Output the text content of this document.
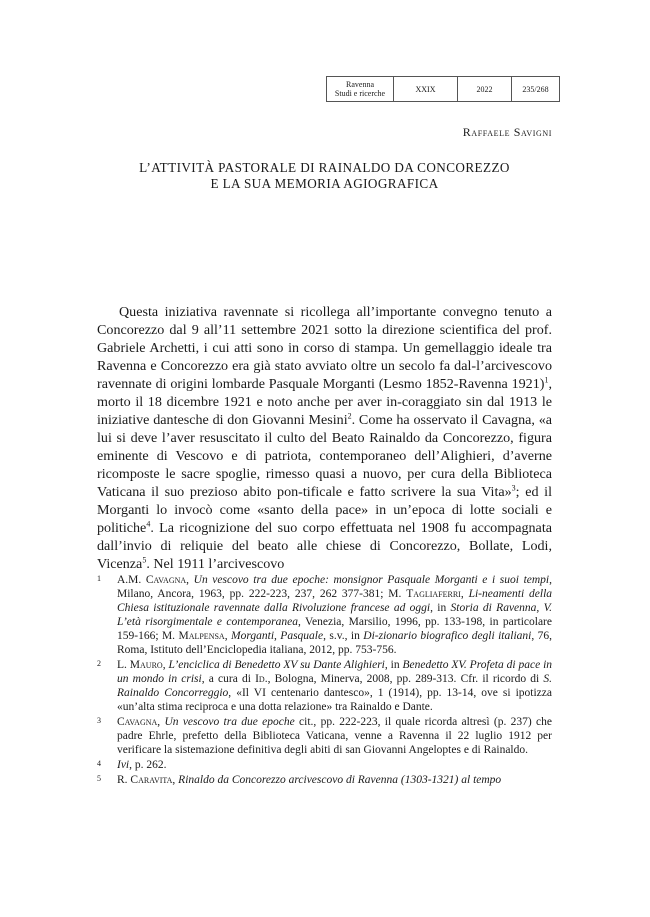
Ravenna
Studi e ricerche	XXIX	2022	235/268
Raffaele Savigni
L’ATTIVITÀ PASTORALE DI RAINALDO DA CONCOREZZO
E LA SUA MEMORIA AGIOGRAFICA

Questa iniziativa ravennate si ricollega all’importante convegno tenuto a Concorezzo dal 9 all’11 settembre 2021 sotto la direzione scientifica del prof. Gabriele Archetti, i cui atti sono in corso di stampa. Un gemellaggio ideale tra Ravenna e Concorezzo era già stato avviato oltre un secolo fa dal-l’arcivescovo ravennate di origini lombarde Pasquale Morganti (Lesmo 1852-Ravenna 1921)$^1$, morto il 18 dicembre 1921 e noto anche per aver in-coraggiato sin dal 1913 le iniziative dantesche di don Giovanni Mesini$^2$. Come ha osservato il Cavagna, «a lui si deve l’aver resuscitato il culto del Beato Rainaldo da Concorezzo, figura eminente di Vescovo e di patriota, contemporaneo dell’Alighieri, d’averne ricomposte le sacre spoglie, rimesso quasi a nuovo, per cura della Biblioteca Vaticana il suo prezioso abito pon-tificale e fatto scrivere la sua Vita»$^3$; ed il Morganti lo invocò come «santo della pace» in un’epoca di lotte sociali e politiche$^4$. La ricognizione del suo corpo effettuata nel 1908 fu accompagnata dall’invio di reliquie del beato alle chiese di Concorezzo, Bollate, Lodi, Vicenza$^5$. Nel 1911 l’arcivescovo

1 A.M. Cavagna, Un vescovo tra due epoche: monsignor Pasquale Morganti e i suoi tempi, Milano, Ancora, 1963, pp. 222-223, 237, 262 377-381; M. Tagliaferri, Li-neamenti della Chiesa istituzionale ravennate dalla Rivoluzione francese ad oggi, in Storia di Ravenna, V. L’età risorgimentale e contemporanea, Venezia, Marsilio, 1996, pp. 133-198, in particolare 159-166; M. Malpensa, Morganti, Pasquale, s.v., in Di-zionario biografico degli italiani, 76, Roma, Istituto dell’Enciclopedia italiana, 2012, pp. 753-756.
2 L. Mauro, L’enciclica di Benedetto XV su Dante Alighieri, in Benedetto XV. Profeta di pace in un mondo in crisi, a cura di Id., Bologna, Minerva, 2008, pp. 289-313. Cfr. il ricordo di S. Rainaldo Concorreggio, «Il VI centenario dantesco», 1 (1914), pp. 13-14, ove si ipotizza «un’alta stima reciproca e una dotta relazione» tra Rainaldo e Dante.
3 Cavagna, Un vescovo tra due epoche cit., pp. 222-223, il quale ricorda altresì (p. 237) che padre Ehrle, prefetto della Biblioteca Vaticana, venne a Ravenna il 22 luglio 1912 per verificare la sistemazione definitiva degli abiti di san Giovanni Angeloptes e di Rainaldo.
4 Ivi, p. 262.
5 R. Caravita, Rinaldo da Concorezzo arcivescovo di Ravenna (1303-1321) al tempo
